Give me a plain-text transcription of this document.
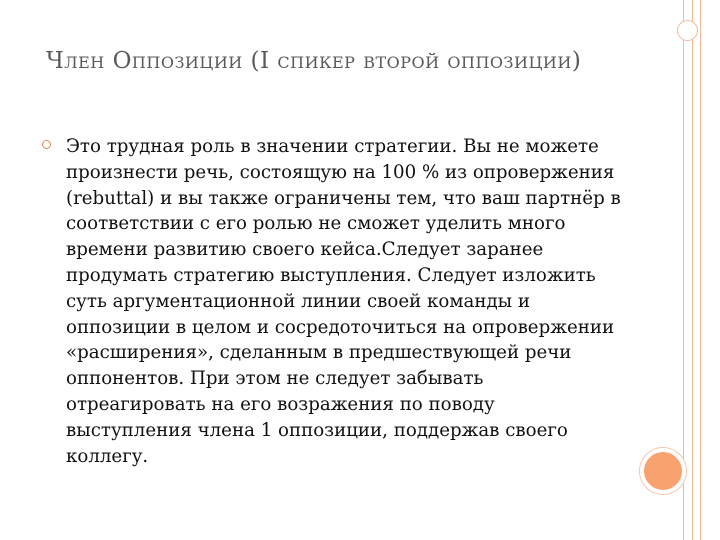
Член Оппозиции (I спикер второй оппозиции)

Это трудная роль в значении стратегии. Вы не можете произнести речь, состоящую на 100 % из опровержения (rebuttal) и вы также ограничены тем, что ваш партнёр в соответствии с его ролью не сможет уделить много времени развитию своего кейса.Следует заранее продумать стратегию выступления. Следует изложить суть аргументационной линии своей команды и оппозиции в целом и сосредоточиться на опровержении «расширения», сделанным в предшествующей речи оппонентов. При этом не следует забывать отреагировать на его возражения по поводу выступления члена 1 оппозиции, поддержав своего коллегу.
